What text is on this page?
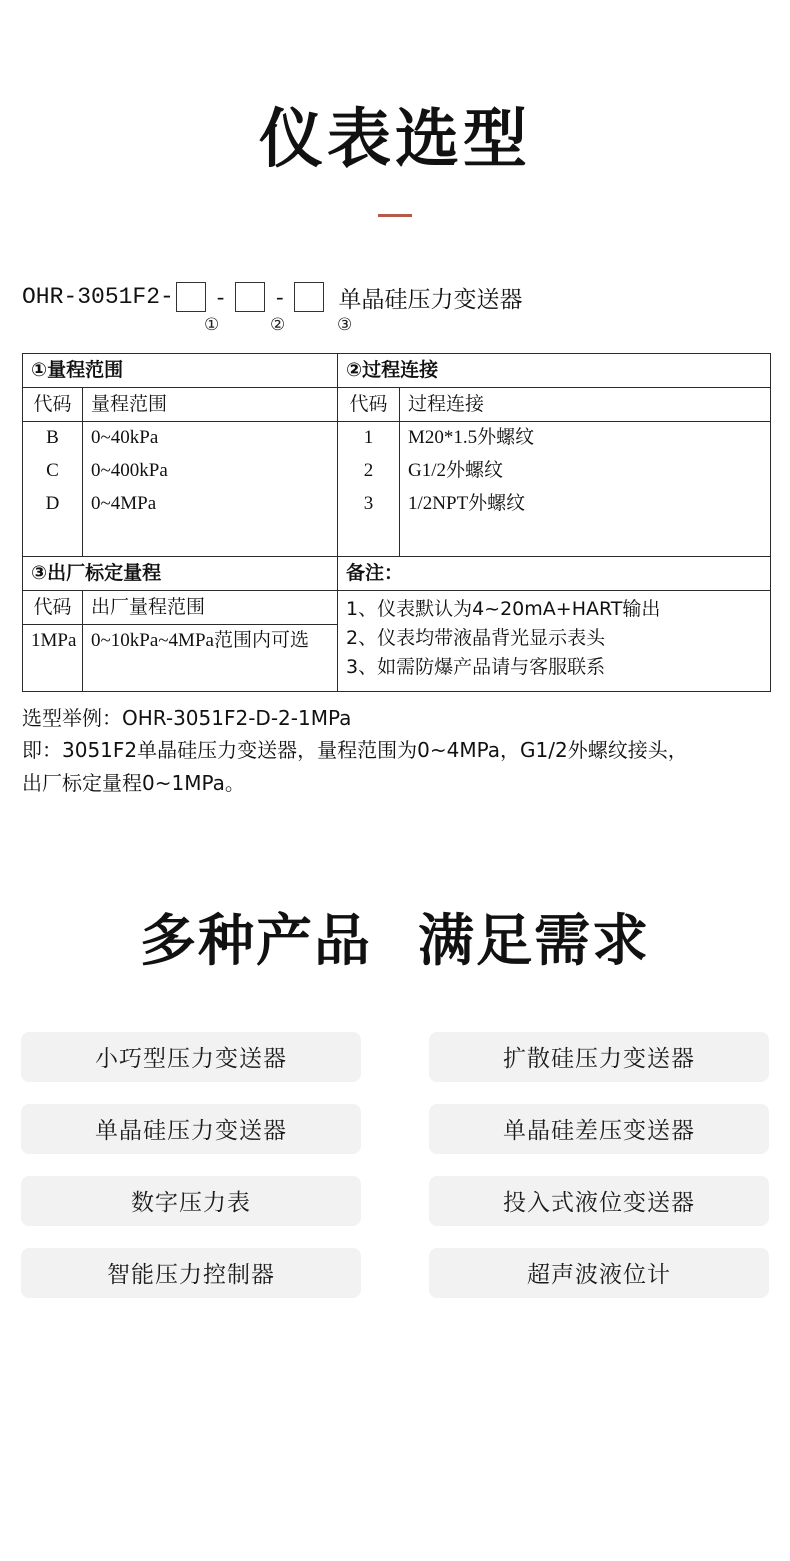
仪表选型
OHR-3051F2-	-	-	单晶硅压力变送器
①	②	③
①量程范围		②过程连接	
代码	量程范围	代码	过程连接
B	0~40kPa	1	M20*1.5外螺纹
C	0~400kPa	2	G1/2外螺纹
D	0~4MPa	3	1/2NPT外螺纹
③出厂标定量程		备注：	
代码	出厂量程范围	1、仪表默认为4~20mA+HART输出
2、仪表均带液晶背光显示表头
3、如需防爆产品请与客服联系	

1MPa	0~10kPa~4MPa范围内可选		
选型举例：OHR-3051F2-D-2-1MPa
即：3051F2单晶硅压力变送器，量程范围为0~4MPa，G1/2外螺纹接头，
出厂标定量程0~1MPa。
多种产品 满足需求
小巧型压力变送器	扩散硅压力变送器
单晶硅压力变送器	单晶硅差压变送器
数字压力表	投入式液位变送器
智能压力控制器	超声波液位计
